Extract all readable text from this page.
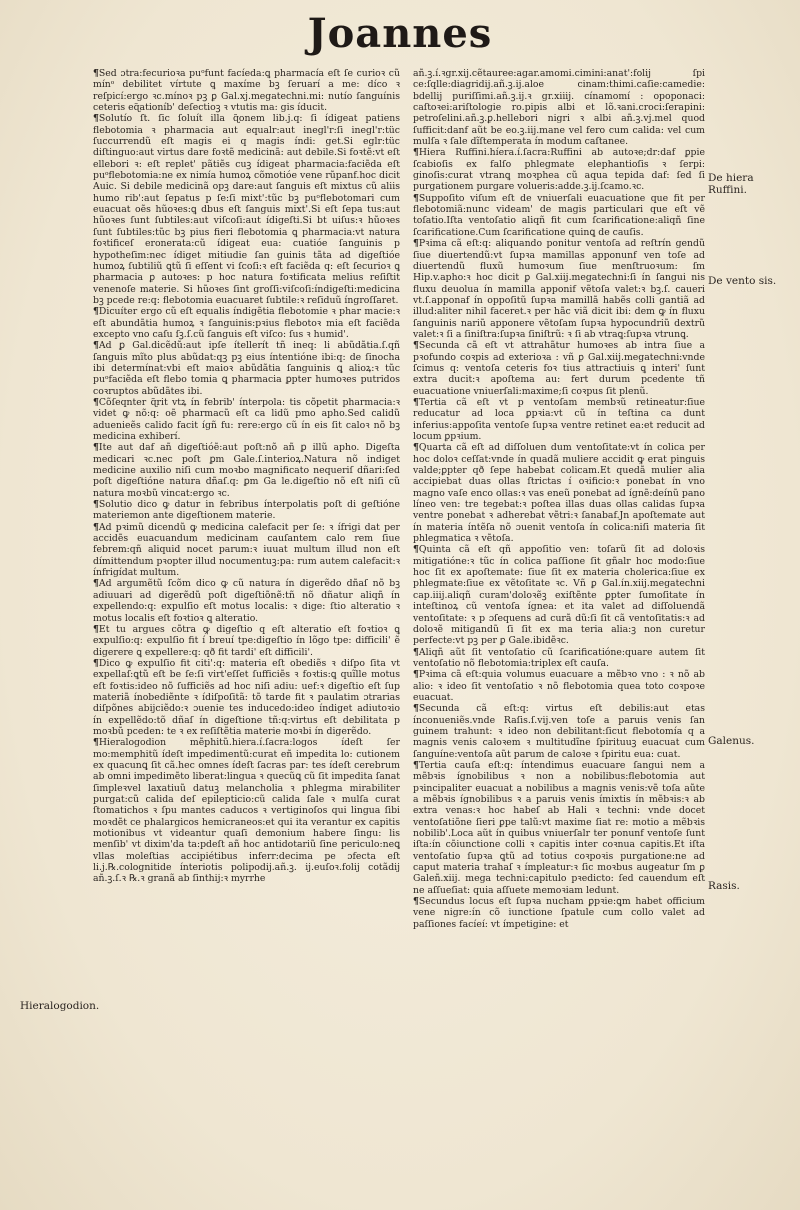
Joannes

¶ Sed ɔtra:fecurioꝛa puᵒfunt facíeda:ꝗ pharmacía eſt ſe curioꝛ cũ mínᵒ debilitet vírtute ꝗ maxíme bꝫ ſeruarí a me: díco ꝛ reſpicí:ergo ꝛc.mínoꝛ pꝫ ꝑ Gal.xj.megatechni.mi: nutío ſanguínis ceteris eɋ̃ationíb' deſectioꝫ ꝛ vtutis ma: gis íducit.

¶ Solutío ſt. ſic ſoluít illa ɋ̃onem lib.j.q: ſi ídigeat patiens flebotomia ꝛ pharmacia aut equalr:aut inegl'r:ſi inegl'r:tüc ſuccurrendũ eſt magis ei q magis índi: get.Si eglr:tüc diſtinguo:aut virtus dare foꝛtẽ medicinã: aut debile.Si foꝛtẽ:vt eſt ellebori ꝛ: eſt replet' pãtiẽs cuꝫ ídigeat pharmacia:faciẽda eſt puᵒflebotomia:ne ex nimía humoꝝ cõmotióe vene rũpanf.hoc dicit Auic. Si debile medicinã opꝫ dare:aut ſanguis eſt mixtus cũ aliis humo rib':aut ſepatus p ſe:ſi mixt':tũc bꝫ puᵒflebotomari cum euacuat oẽs hũoꝛes:ꝗ dbus eſt ſanguis mixt'.Si eſt ſepa tus:aut hũoꝛes ſunt ſubtiles:aut viſcoſi:aut ídigeſti.Si bt uiſus:ꝛ hũoꝛes ſunt ſubtiles:tũc bꝫ pius fieri flebotomia ꝗ pharmacia:vt natura foꝛtificeſ eronerata:cũ ídigeat eua: cuatióe ſanguinis p hypotheſim:nec ídiget mitiudie ſan guinis tãta ad digeſtióe humoꝝ ſubtiliũ ꝗtũ ſi eſſent vi ſcoſi:ꝛ eſt faciẽda q: eſt ſecurioꝛ ꝗ pharmacia ꝑ autoꝛes: p hoc natura foꝛtificata melius reſiſtit venenoſe materie. Si hũoꝛes ſint groſſi:viſcoſi:índigeſti:medicina bꝫ pcede re:q: flebotomia euacuaret ſubtile:ꝛ reſiduũ íngroſſaret.

¶ Dicuíter ergo cũ eſt equalis índigẽtia flebotomie ꝛ phar macie:ꝛ eſt abundãtia humoꝝ ꝛ ſanguinis:pꝛius flebotoꝛ mia eſt faciẽda excepto vno caſu ſꝫ.ſ.cũ ſanguis eſt viſco: ſus ꝛ humid'.

¶ Ad ꝑ Gal.dicẽdũ:aut ipſe ítellerít tñ ineq: li abũdãtia.ſ.qñ ſanguis mĩto plus abũdat:qꝫ pꝫ eius íntentióne ibi:q: de ſinocha ibi determínat:vbi eſt maioꝛ abũdãtia ſanguinis ꝗ alioꝝ:ꝛ tũc puᵒfaciẽda eſt flebo tomia ꝗ pharmacia ꝑpter humoꝛes putridos coꝛruptos abũdãtes ibi.

¶ Cõſeqnter ɋ̃rit vtꝝ ín febrib' ínterpola: tis cõpetit pharmacia:ꝛ videt ꝙ nõ:q: oẽ pharmacũ eſt ca lidũ pmo apho.Sed calidũ aduenieẽs calido facit ígñ fu: rere:ergo cũ ín eis ſit caloꝛ nõ bꝫ medicina exhiberí.

¶ Ite aut daf añ digeſtióẽ:aut poſt:nõ añ ꝑ illũ apho. Digeſta medicari ꝛc.nec poſt ꝑm Gale.ſ.interioꝝ.Natura nõ indiget medicine auxilio niſi cum moꝛbo magnificato nequeriſ dñari:ſed poſt digeſtióne natura dñaſ.q: ꝑm Ga le.digeſtio nõ eſt niſi cũ natura moꝛbũ vincat:ergo ꝛc.

¶ Solutio dico ꝙ datur in febribus ínterpolatis poſt di geſtióne materiemon ante digeſtionem materie.

¶ Ad pꝛimũ dicendũ ꝙ medicina calefacit per ſe: ꝛ ífrigi dat per accidẽs euacuandum medicinam cauſantem calo rem ſiue febrem:qñ aliquid nocet parum:ꝛ iuuat multum illud non eſt dímittendum pꝛopter illud nocumentuꝫ:pa: rum autem calefacit:ꝛ ínfrigídat multum.

¶ Ad argumẽtũ ſcõm dico ꝙ cũ natura ín digerẽdo dñaſ nõ bꝫ adiuuari ad digerẽdũ poſt digeſtiõnẽ:tñ nõ dñatur aliqñ ín expellendo:q: expulſio eſt motus localis: ꝛ dige: ſtio alteratio ꝛ motus localis eſt foꝛtioꝛ ꝗ alteratio.

¶ Et tu argues cõtra ꝙ digeſtio q eſt alteratio eſt foꝛtioꝛ ꝗ expulſio:q: expulſio fit í breuí tpe:digeſtio ín lõgo tpe: difficili' ẽ digerere ꝗ expellere:q: qð fit tardi' eſt difficili'.

¶ Dico ꝙ expulſio fit citi':q: materia eſt obediẽs ꝛ diſpo ſita vt expellaſ:ꝗtũ eſt be ſe:ſi virt'eſſet ſufficiẽs ꝛ foꝛtis:ꝗ quĩlle motus eſt foꝛtis:ideo nõ ſufficiẽs ad hoc niſi adiu: uef:ꝛ digeſtio eſt ſup materiã ínobediẽnte ꝛ ídiſpoſitã: tõ tarde fit ꝛ paulatim ɔtrarias diſpõnes abijciẽdo:ꝛ ɔuenie tes inducedo:ideo índiget adiutoꝛio ín expellẽdo:tõ dñaſ ín digeſtione tñ:q:virtus eſt debilitata p moꝛbũ pceden: te ꝛ ex reſiſtẽtia materie moꝛbi ín digerẽdo.

¶ Hieralogodion mẽphitũ.hiera.í.ſacra:logos ídeſt ſer mo:memphitũ ídeſt impedimentũ:curat eñ impedita lo: cutionem ex quacunꝗ ſit cã.hec omnes ídeſt ſacras par: tes ídeſt cerebrum ab omni impedimẽto liberat:lingua ꝛ quecũꝗ cũ ſit impedita ſanat ſimpleꝛvel laxatiuũ datuꝫ melancholia ꝛ phlegma mirabiliter purgat:cũ calida deſ epilepticio:cũ calida ſale ꝛ mulſa curat ſtomatichos ꝛ ſpu mantes caducos ꝛ vertiginoſos qui lingua ſibi moꝛdẽt ce phalargicos hemicraneos:et qui ita verantur ex capitis motionibus vt videantur quaſi demonium habere ſingu: lis menſib' vt dixim'da ta:pdeſt añ hoc antidotariũ ſine periculo:neꝗ vllas moleſtias accipiétibus inferr:decima pe ɔfecta eſt li.j.℞.colognitide ínteriotis polipodij.añ.ꝫ. ij.euſoꝛ.folij cotãdij añ.ꝫ.ſ.ꝛ ℞.ꝛ granã ab ſinthij:ꝛ myrrhe

añ.ꝫ.í.ꝛgr.xij.cẽtauree:agar.amomi.cimini:anat':folij ſpi ce:ſqlle:diagridij.añ.ꝫ.ij.aloe cinam:thimi.caſie:camedie: bdellij puriſſimi.añ.ꝫ.ij.ꝛ gr.xiiij. cínamomí : opoponaci: caſtoꝛei:ariſtologie ro.pipis albi et lõ.ꝛani.croci:ſerapini: petroſelini.añ.ꝫ.ꝑ.hellebori nigri ꝛ albi añ.ꝫ.vj.mel quod ſufficit:danf aũt be eo.ꝫ.iij.mane vel fero cum calida: vel cum mulſa ꝛ ſale dĩſtemperata ín modum caſtanee.

¶ Hiera Ruffini.híera.í.ſacra:Ruffini ab autoꝛe;dr:daf ꝑpie ſcabioſis ex falſo phlegmate elephantioſis ꝛ ſerpi: ginoſis:curat vtranꝗ moꝛphea cũ aqua tepida daf: ſed ſi purgationem purgare volueris:adde.ꝫ.ij.ſcamo.ꝛc.

¶ Suppoſito viſum eſt de vniuerſali euacuatione que fit per flebotomiã:nunc videam' de magis particulari que eſt vẽ toſatio.Iſta ventoſatio aliqñ fit cum ſcarificatione:aliqñ ſine ſcarificatione.Cum ſcarificatione quinꝗ de cauſis.

¶ Pꝛima cã eſt:q: aliquando ponitur ventoſa ad reſtrín gendũ ſiue diuertendũ:vt ſupꝛa mamillas apponunf ven toſe ad diuertendũ fluxũ humoꝛum ſiue menſtruoꝛum: ſm Hip.v.apho:ꝛ hoc dicit ꝑ Gal.xiij.megatechni:ſi ín ſangui nis fluxu deuolua ín mamilla apponif vẽtoſa valet:ꝛ bꝫ.ſ. caueri vt.ſ.apponaf ín oppoſitũ ſupꝛa mamillã habẽs colli gantiã ad illud:aliter nihil faceret.ꝛ per hãc viã dicit ibi: dem ꝙ ín fluxu ſanguinis nariũ apponere vẽtoſam ſupꝛa hypocundriũ dextrũ valet:ꝛ ſi a ſiniſtra:ſupꝛa ſiniſtrũ: ꝛ ſi ab vtraꝗ:ſupꝛa vtrunꝗ.

¶ Secunda cã eſt vt attrahãtur humoꝛes ab intra ſiue a pꝛofundo coꝛpis ad exterioꝛa : vñ ꝑ Gal.xiij.megatechni:vnde ſcimus q: ventoſa ceteris foꝛ tius attractiuis ꝗ interi' ſunt extra ducit:ꝛ apoſtema au: fert durum pcedente tñ euacuatione vniuerſali:maxime;ſi coꝛpus ſit plenũ.

¶ Tertia cã eſt vt p ventoſam membꝛũ retineatur:ſiue reducatur ad loca ꝑpꝛia:vt cũ ín teſtina ca dunt inferius:appoſita ventoſe ſupꝛa ventre retinet ea:et reducit ad locum ꝑpꝛium.

¶ Quarta cã eſt ad diſſoluen dum ventoſitate:vt ín colica per hoc doloꝛ ceſſat:vnde ín quadã muliere accidit ꝙ erat pinguis valde;ꝑpter qð ſepe habebat colicam.Et quedã mulier alia accipiebat duas ollas ſtrictas í oꝛificio:ꝛ ponebat ín vno magno vaſe enco ollas:ꝛ vas eneũ ponebat ad ígnẽ:deínũ pano líneo ven: tre tegebat:ꝛ poſtea illas duas ollas calidas ſupꝛa ventre ponebat ꝛ adherebat vẽtri:ꝛ ſanabaf.Jn apoſtemate aut ín materia íntẽſa nõ ɔuenit ventoſa ín colica:niſi materia ſit phlegmatica ꝛ vẽtoſa.

¶ Quinta cã eſt qñ appoſitio ven: toſarũ ſit ad doloꝛis mitigatióne:ꝛ tũc ín colica paſſione ſit gñalr hoc modo:ſiue hoc ſit ex apoſtemate: ſiue ſit ex materia cholerica:ſiue ex phlegmate:ſiue ex vẽtoſitate ꝛc. Vñ ꝑ Gal.ín.xiij.megatechni cap.iiij.aliqñ curam'doloꝛẽꝫ exiſtẽnte ꝑpter ſumoſitate ín inteſtinoꝝ cũ ventoſa ígnea: et ita valet ad diſſoluendã ventoſitate: ꝛ p ɔſequens ad curã dũ:ſi ſit cã ventoſitatis:ꝛ ad doloꝛẽ mitigandũ ſi ſit ex ma teria alia:ꝫ non curetur perfecte:vt pꝫ per ꝑ Gale.ibidẽꝛc.

¶ Aliqñ aũt ſit ventoſatio cũ ſcarificatióne:quare autem ſit ventoſatio nõ flebotomia:triplex eſt cauſa.

¶ Pꝛima cã eſt:quia volumus euacuare a mẽbꝛo vno : ꝛ nõ ab alio: ꝛ ideo ſit ventoſatio ꝛ nõ flebotomia quea toto coꝛpoꝛe euacuat.

¶ Secunda cã eſt:q: virtus eſt debilis:aut etas ínconueniẽs.vnde Raſis.ſ.vij.ven toſe a paruis venis ſan guinem trahunt: ꝛ ideo non debilitant:ſicut flebotomía q a magnis venis caloꝛem ꝛ multitudĩne ſpirituuꝫ euacuat cum ſanguíne:ventoſa aũt parum de caloꝛe ꝛ ſpiritu eua: cuat.

¶ Tertia cauſa eſt:q: íntendimus euacuare ſangui nem a mẽbꝛis ígnobilibus ꝛ non a nobilibus:flebotomia aut pꝛincipaliter euacuat a nobilibus a magnis venis:vẽ toſa aũte a mẽbꝛis ígnobilibus ꝛ a paruis venis ímixtis ín mẽbꝛis:ꝛ ab extra venas:ꝛ hoc habeſ ab Hali ꝛ techni: vnde docet ventoſatiõne ſieri ꝑpe talũ:vt maxime ſiat re: motio a mẽbꝛis nobilib'.Loca aũt ín quibus vniuerſalr ter ponunf ventoſe ſunt iſta:ín cõiunctione colli ꝛ capitis inter coꝛnua capitis.Et iſta ventoſatio ſupꝛa ꝗtũ ad totius coꝛpoꝛis purgatione:ne ad caput materia trahaſ ꝛ ímpleatur:ꝛ ſic moꝛbus augeatur ſm ꝑ Galeñ.xiij. mega techni:capitulo pꝛedicto: ſed cauendum eſt ne aſſueſiat: quia aſſuete memoꝛiam ledunt.

¶ Secundus locus eſt ſupꝛa nucham ꝑpꝛie:ꝗm habet officium vene nigre:ín cõ iunctione ſpatule cum collo valet ad paſſiones facíeí: vt ímpetigine: et

De hiera Ruffini.
De vento sis.
Galenus.
Rasis.
Hieralogodion.
